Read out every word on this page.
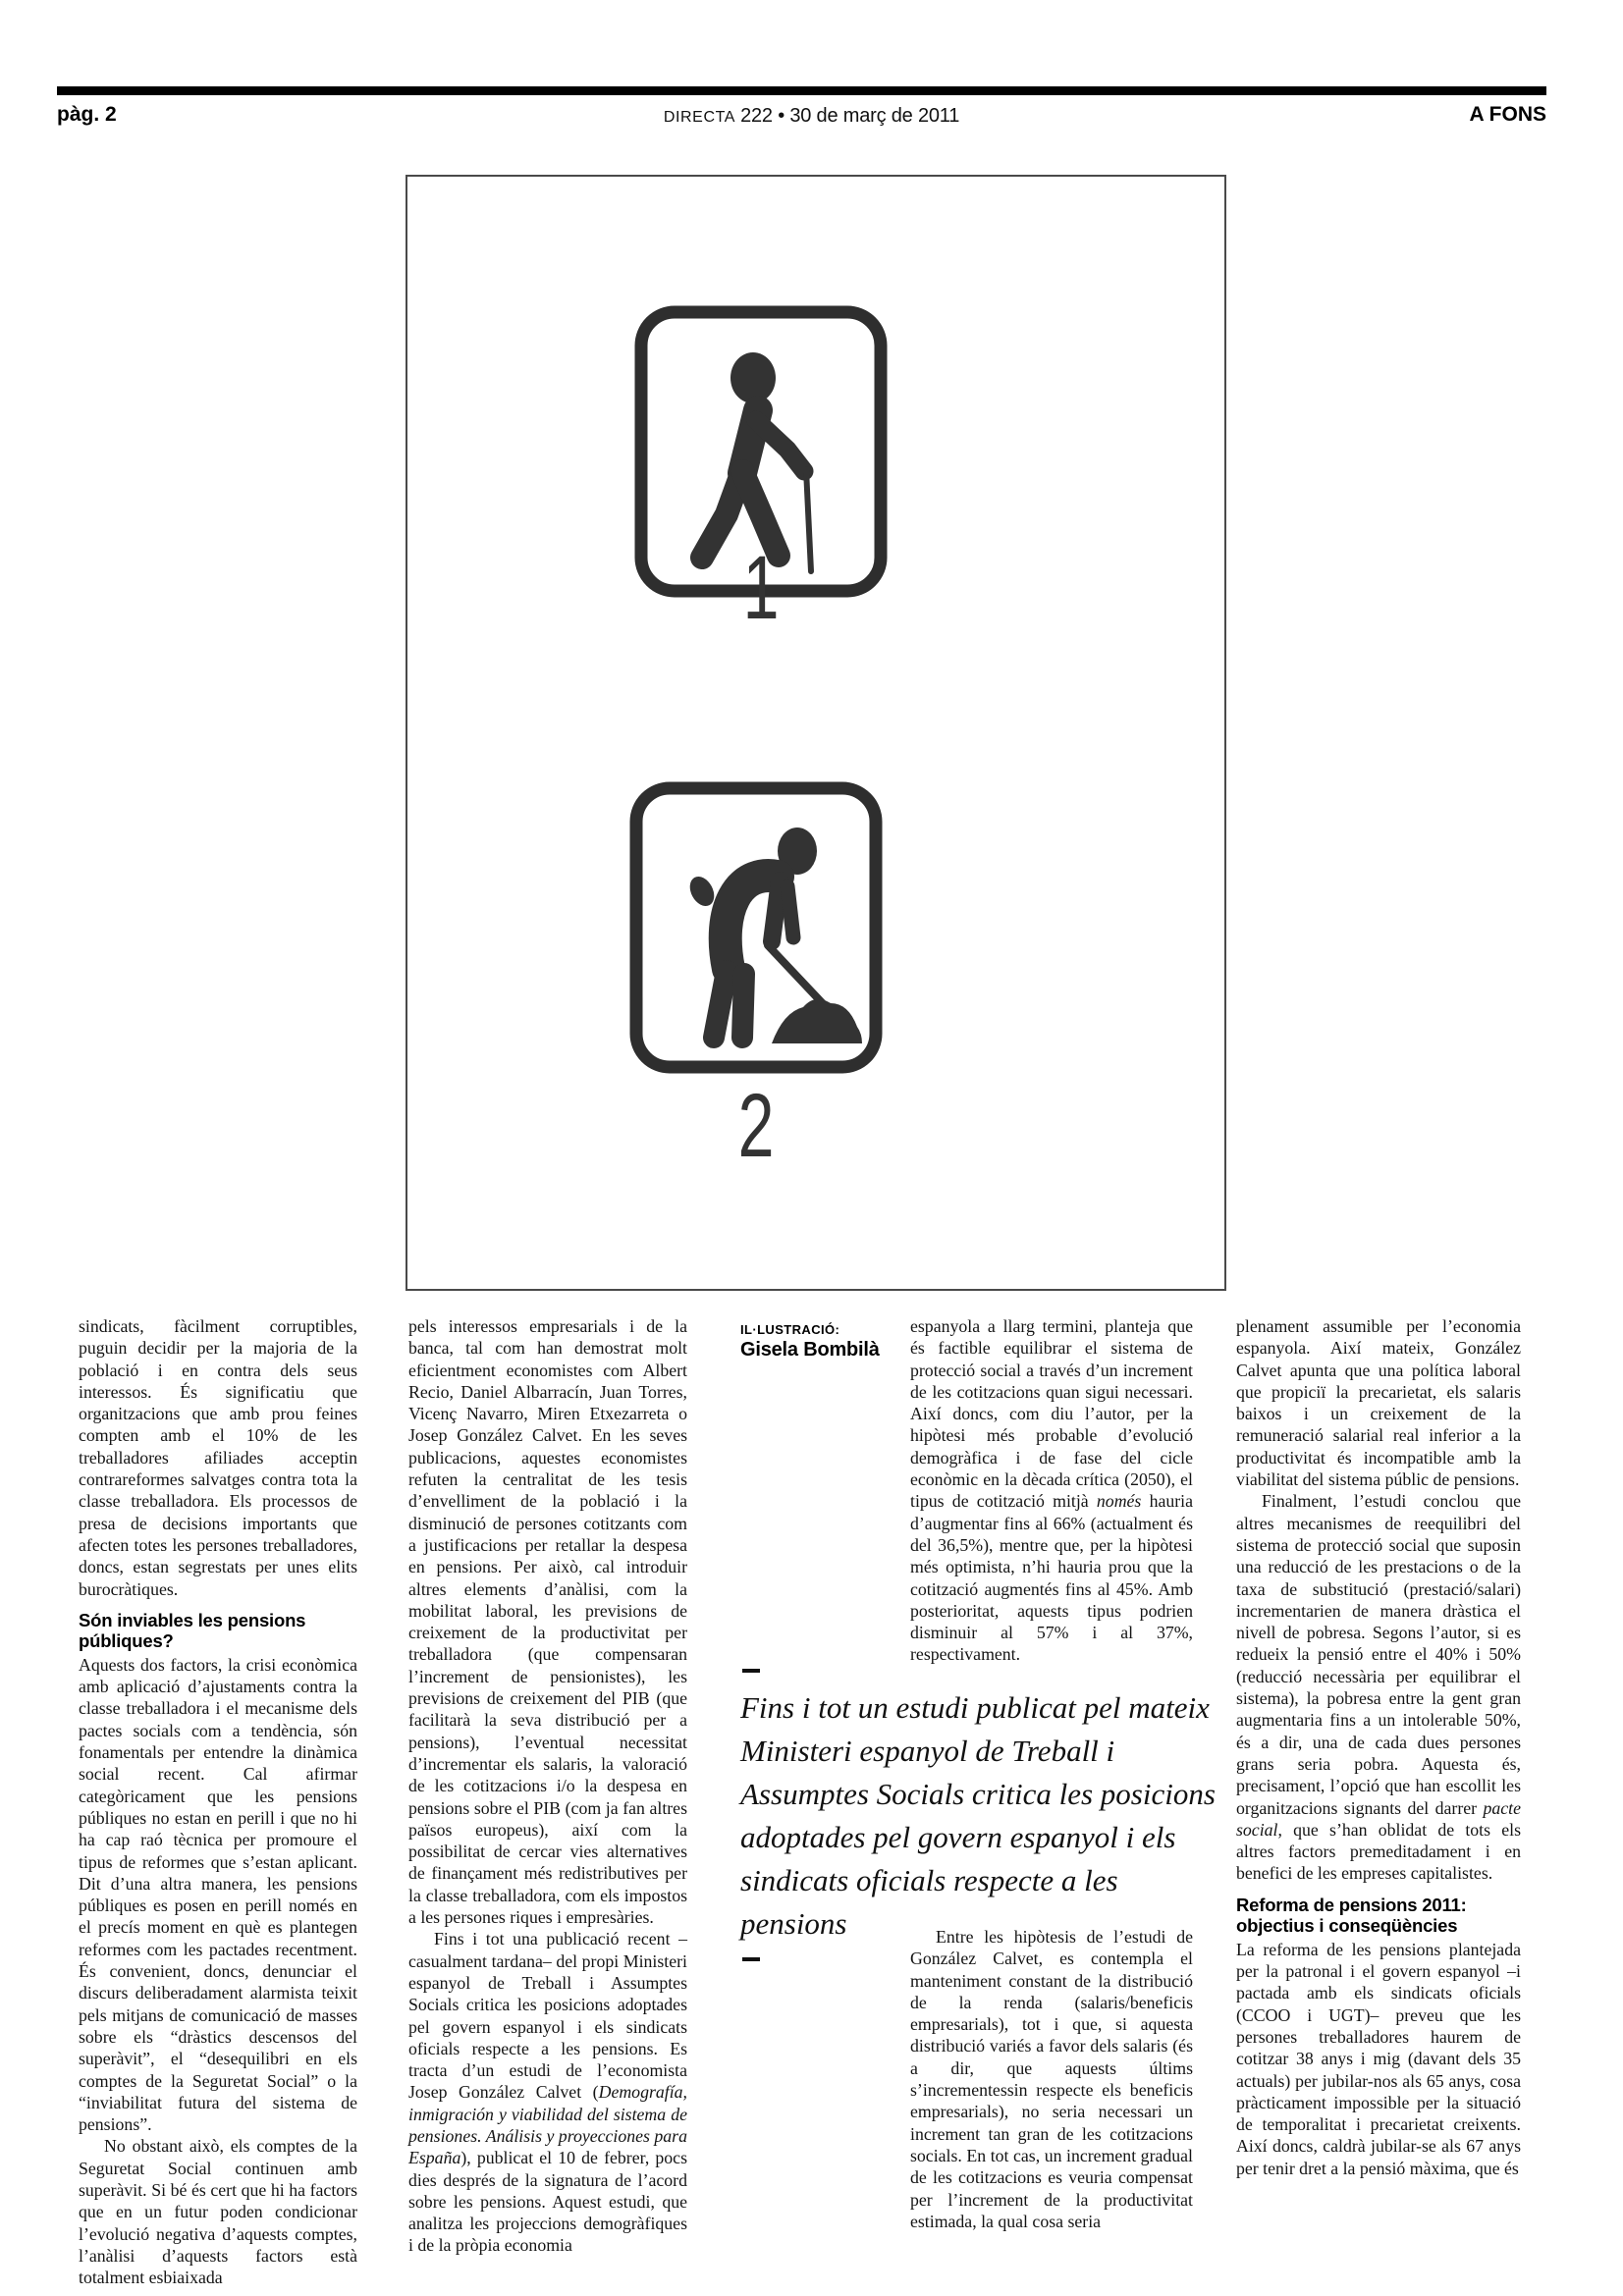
pàg. 2	DIRECTA 222 • 30 de març de 2011	A FONS
1
2
IL·LUSTRACIÓ:
Gisela Bombilà

sindicats, fàcilment corruptibles, puguin decidir per la majoria de la població i en contra dels seus interessos. És significatiu que organitzacions que amb prou feines compten amb el 10% de les treballadores afiliades acceptin contrareformes salvatges contra tota la classe treballadora. Els processos de presa de decisions importants que afecten totes les persones treballadores, doncs, estan segrestats per unes elits burocràtiques.

Són inviables les pensions públiques?

Aquests dos factors, la crisi econòmica amb aplicació d’ajustaments contra la classe treballadora i el mecanisme dels pactes socials com a tendència, són fonamentals per entendre la dinàmica social recent. Cal afirmar categòricament que les pensions públiques no estan en perill i que no hi ha cap raó tècnica per promoure el tipus de reformes que s’estan aplicant. Dit d’una altra manera, les pensions públiques es posen en perill només en el precís moment en què es plantegen reformes com les pactades recentment. És convenient, doncs, denunciar el discurs deliberadament alarmista teixit pels mitjans de comunicació de masses sobre els “dràstics descensos del superàvit”, el “desequilibri en els comptes de la Seguretat Social” o la “inviabilitat futura del sistema de pensions”.

No obstant això, els comptes de la Seguretat Social continuen amb superàvit. Si bé és cert que hi ha factors que en un futur poden condicionar l’evolució negativa d’aquests comptes, l’anàlisi d’aquests factors està totalment esbiaixada

pels interessos empresarials i de la banca, tal com han demostrat molt eficientment economistes com Albert Recio, Daniel Albarracín, Juan Torres, Vicenç Navarro, Miren Etxezarreta o Josep González Calvet. En les seves publicacions, aquestes economistes refuten la centralitat de les tesis d’envelliment de la població i la disminució de persones cotitzants com a justificacions per retallar la despesa en pensions. Per això, cal introduir altres elements d’anàlisi, com la mobilitat laboral, les previsions de creixement de la productivitat per treballadora (que compensaran l’increment de pensionistes), les previsions de creixement del PIB (que facilitarà la seva distribució per a pensions), l’eventual necessitat d’incrementar els salaris, la valoració de les cotitzacions i/o la despesa en pensions sobre el PIB (com ja fan altres països europeus), així com la possibilitat de cercar vies alternatives de finançament més redistributives per la classe treballadora, com els impostos a les persones riques i empresàries.

Fins i tot una publicació recent –casualment tardana– del propi Ministeri espanyol de Treball i Assumptes Socials critica les posicions adoptades pel govern espanyol i els sindicats oficials respecte a les pensions. Es tracta d’un estudi de l’economista Josep González Calvet (Demografía, inmigración y viabilidad del sistema de pensiones. Análisis y proyecciones para España), publicat el 10 de febrer, pocs dies després de la signatura de l’acord sobre les pensions. Aquest estudi, que analitza les projeccions demogràfiques i de la pròpia economia

Fins i tot un estudi publicat pel mateix Ministeri espanyol de Treball i Assumptes Socials critica les posicions adoptades pel govern espanyol i els sindicats oficials respecte a les pensions

espanyola a llarg termini, planteja que és factible equilibrar el sistema de protecció social a través d’un increment de les cotitzacions quan sigui necessari. Així doncs, com diu l’autor, per la hipòtesi més probable d’evolució demogràfica i de fase del cicle econòmic en la dècada crítica (2050), el tipus de cotització mitjà només hauria d’augmentar fins al 66% (actualment és del 36,5%), mentre que, per la hipòtesi més optimista, n’hi hauria prou que la cotització augmentés fins al 45%. Amb posterioritat, aquests tipus podrien disminuir al 57% i al 37%, respectivament.

Entre les hipòtesis de l’estudi de González Calvet, es contempla el manteniment constant de la distribució de la renda (salaris/beneficis empresarials), tot i que, si aquesta distribució variés a favor dels salaris (és a dir, que aquests últims s’incrementessin respecte els beneficis empresarials), no seria necessari un increment tan gran de les cotitzacions socials. En tot cas, un increment gradual de les cotitzacions es veuria compensat per l’increment de la productivitat estimada, la qual cosa seria

plenament assumible per l’economia espanyola. Així mateix, González Calvet apunta que una política laboral que propiciï la precarietat, els salaris baixos i un creixement de la remuneració salarial real inferior a la productivitat és incompatible amb la viabilitat del sistema públic de pensions.

Finalment, l’estudi conclou que altres mecanismes de reequilibri del sistema de protecció social que suposin una reducció de les prestacions o de la taxa de substitució (prestació/salari) incrementarien de manera dràstica el nivell de pobresa. Segons l’autor, si es redueix la pensió entre el 40% i 50% (reducció necessària per equilibrar el sistema), la pobresa entre la gent gran augmentaria fins a un intolerable 50%, és a dir, una de cada dues persones grans seria pobra. Aquesta és, precisament, l’opció que han escollit les organitzacions signants del darrer pacte social, que s’han oblidat de tots els altres factors premeditadament i en benefici de les empreses capitalistes.

Reforma de pensions 2011:
objectius i conseqüències

La reforma de les pensions plantejada per la patronal i el govern espanyol –i pactada amb els sindicats oficials (CCOO i UGT)– preveu que les persones treballadores haurem de cotitzar 38 anys i mig (davant dels 35 actuals) per jubilar-nos als 65 anys, cosa pràcticament impossible per la situació de temporalitat i precarietat creixents. Així doncs, caldrà jubilar-se als 67 anys per tenir dret a la pensió màxima, que és
